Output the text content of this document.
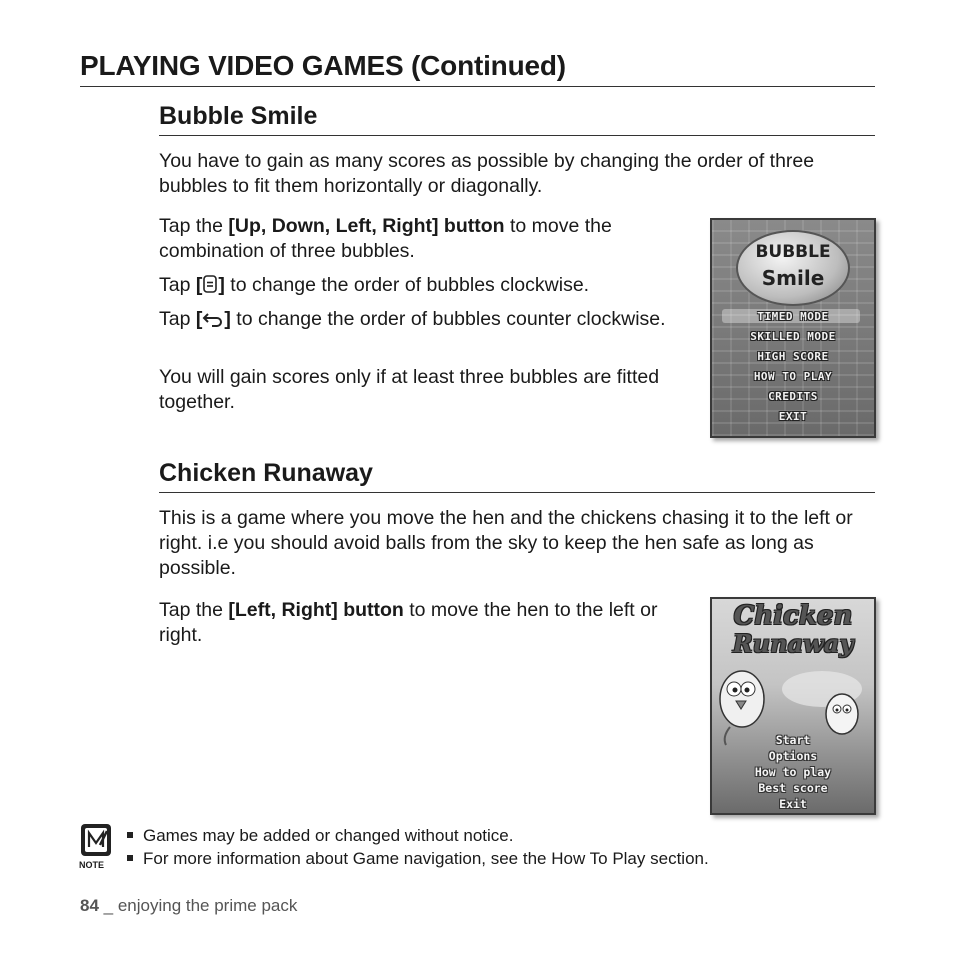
PLAYING VIDEO GAMES (Continued)
Bubble Smile
You have to gain as many scores as possible by changing the order of three bubbles to fit them horizontally or diagonally.
Tap the [Up, Down, Left, Right] button to move the combination of three bubbles.
Tap [ ] to change the order of bubbles clockwise.
Tap [ ] to change the order of bubbles counter clockwise.
You will gain scores only if at least three bubbles are fitted together.
BUBBLE
Smile
TIMED MODE
SKILLED MODE
HIGH SCORE
HOW TO PLAY
CREDITS
EXIT
Chicken Runaway
This is a game where you move the hen and the chickens chasing it to the left or right. i.e you should avoid balls from the sky to keep the hen safe as long as possible.
Tap the [Left, Right] button to move the hen to the left or right.
Chicken
Runaway
Start
Options
How to play
Best score
Exit
NOTE
Games may be added or changed without notice.
For more information about Game navigation, see the How To Play section.
84 _ enjoying the prime pack
